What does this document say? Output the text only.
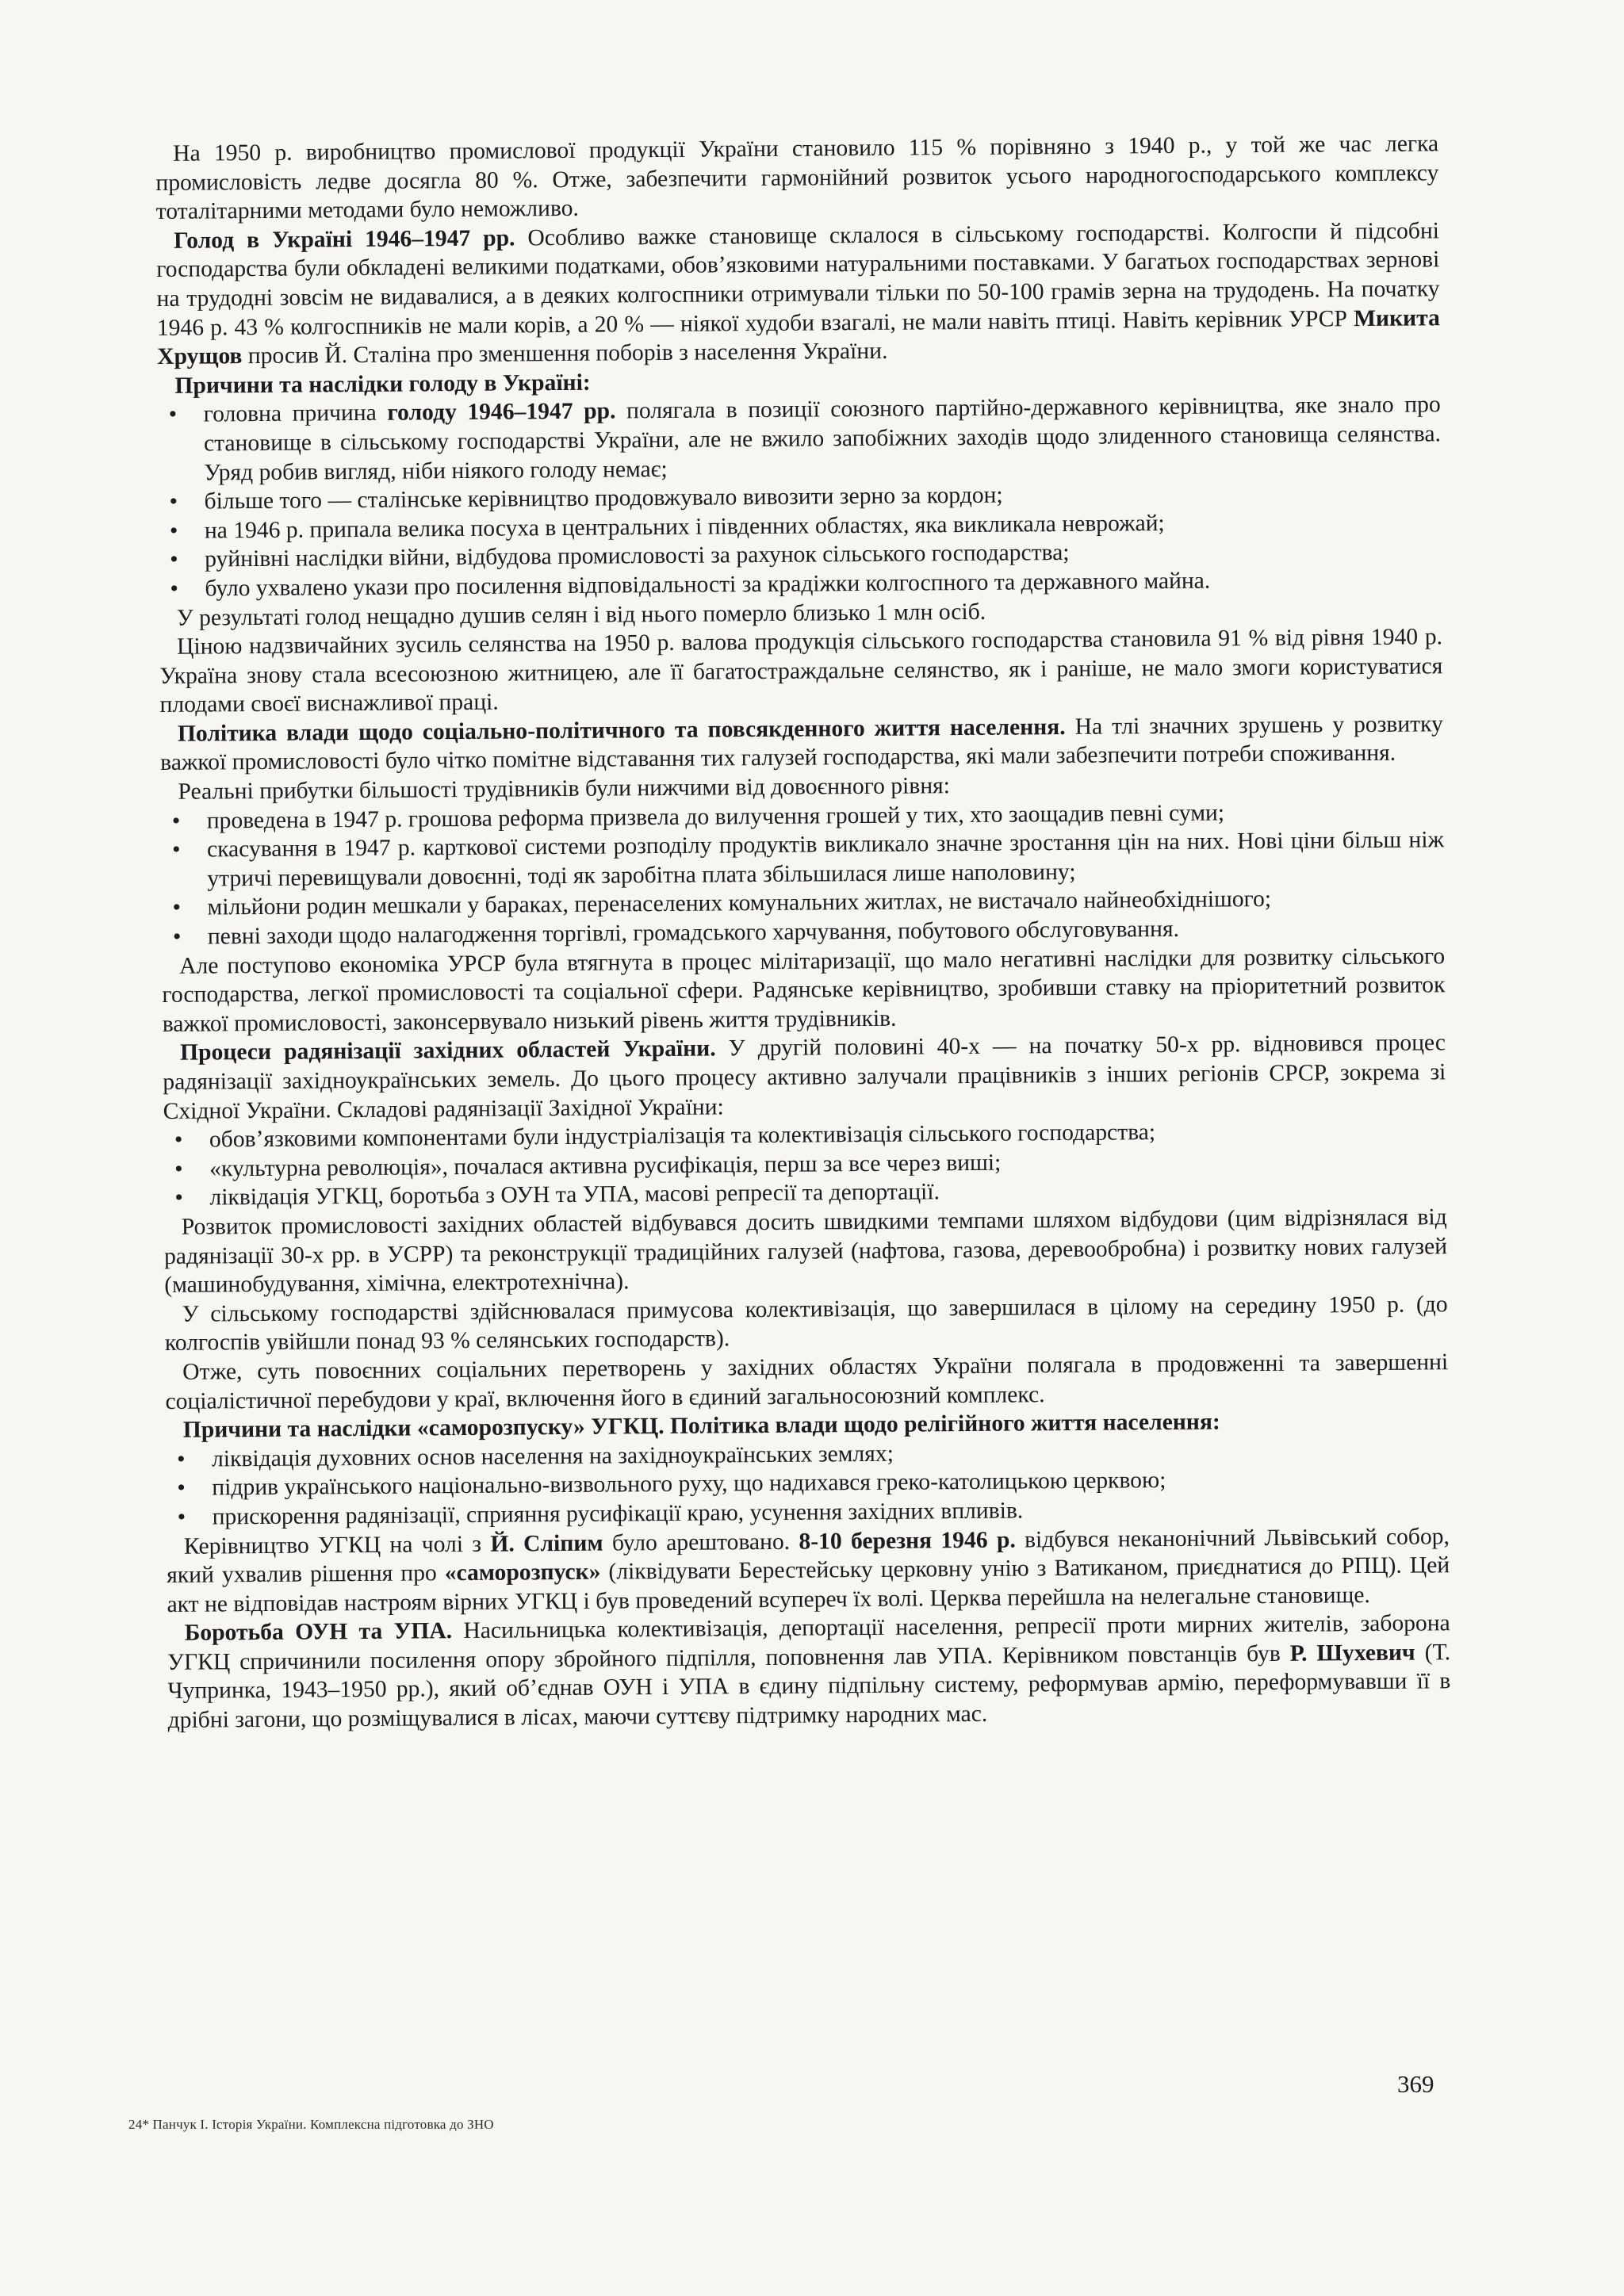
На 1950 р. виробництво промислової продукції України становило 115 % порівняно з 1940 р., у той же час легка промисловість ледве досягла 80 %. Отже, забезпечити гармонійний розвиток усього народногосподарського комплексу тоталітарними методами було неможливо.

Голод в Україні 1946–1947 рр. Особливо важке становище склалося в сільському господарстві. Колгоспи й підсобні господарства були обкладені великими податками, обов’язковими натуральними поставками. У багатьох господарствах зернові на трудодні зовсім не видавалися, а в деяких колгоспники отримували тільки по 50-100 грамів зерна на трудодень. На початку 1946 р. 43 % колгоспників не мали корів, а 20 % — ніякої худоби взагалі, не мали навіть птиці. Навіть керівник УРСР Микита Хрущов просив Й. Сталіна про зменшення поборів з населення України.

Причини та наслідки голоду в Україні:

• головна причина голоду 1946–1947 рр. полягала в позиції союзного партійно-державного керівництва, яке знало про становище в сільському господарстві України, але не вжило запобіжних заходів щодо злиденного становища селянства. Уряд робив вигляд, ніби ніякого голоду немає;
• більше того — сталінське керівництво продовжувало вивозити зерно за кордон;
• на 1946 р. припала велика посуха в центральних і південних областях, яка викликала неврожай;
• руйнівні наслідки війни, відбудова промисловості за рахунок сільського господарства;
• було ухвалено укази про посилення відповідальності за крадіжки колгоспного та державного майна.

У результаті голод нещадно душив селян і від нього померло близько 1 млн осіб.

Ціною надзвичайних зусиль селянства на 1950 р. валова продукція сільського господарства становила 91 % від рівня 1940 р. Україна знову стала всесоюзною житницею, але її багатостраждальне селянство, як і раніше, не мало змоги користуватися плодами своєї виснажливої праці.

Політика влади щодо соціально-політичного та повсякденного життя населення. На тлі значних зрушень у розвитку важкої промисловості було чітко помітне відставання тих галузей господарства, які мали забезпечити потреби споживання.

Реальні прибутки більшості трудівників були нижчими від довоєнного рівня:

• проведена в 1947 р. грошова реформа призвела до вилучення грошей у тих, хто заощадив певні суми;
• скасування в 1947 р. карткової системи розподілу продуктів викликало значне зростання цін на них. Нові ціни більш ніж утричі перевищували довоєнні, тоді як заробітна плата збільшилася лише наполовину;
• мільйони родин мешкали у бараках, перенаселених комунальних житлах, не вистачало найнеобхіднішого;
• певні заходи щодо налагодження торгівлі, громадського харчування, побутового обслуговування.

Але поступово економіка УРСР була втягнута в процес мілітаризації, що мало негативні наслідки для розвитку сільського господарства, легкої промисловості та соціальної сфери. Радянське керівництво, зробивши ставку на пріоритетний розвиток важкої промисловості, законсервувало низький рівень життя трудівників.

Процеси радянізації західних областей України. У другій половині 40-х — на початку 50-х рр. відновився процес радянізації західноукраїнських земель. До цього процесу активно залучали працівників з інших регіонів СРСР, зокрема зі Східної України. Складові радянізації Західної України:

• обов’язковими компонентами були індустріалізація та колективізація сільського господарства;
• «культурна революція», почалася активна русифікація, перш за все через виші;
• ліквідація УГКЦ, боротьба з ОУН та УПА, масові репресії та депортації.

Розвиток промисловості західних областей відбувався досить швидкими темпами шляхом відбудови (цим відрізнялася від радянізації 30-х рр. в УСРР) та реконструкції традиційних галузей (нафтова, газова, деревообробна) і розвитку нових галузей (машинобудування, хімічна, електротехнічна).

У сільському господарстві здійснювалася примусова колективізація, що завершилася в цілому на середину 1950 р. (до колгоспів увійшли понад 93 % селянських господарств).

Отже, суть повоєнних соціальних перетворень у західних областях України полягала в продовженні та завершенні соціалістичної перебудови у краї, включення його в єдиний загальносоюзний комплекс.

Причини та наслідки «саморозпуску» УГКЦ. Політика влади щодо релігійного життя населення:

• ліквідація духовних основ населення на західноукраїнських землях;
• підрив українського національно-визвольного руху, що надихався греко-католицькою церквою;
• прискорення радянізації, сприяння русифікації краю, усунення західних впливів.

Керівництво УГКЦ на чолі з Й. Сліпим було арештовано. 8-10 березня 1946 р. відбувся неканонічний Львівський собор, який ухвалив рішення про «саморозпуск» (ліквідувати Берестейську церковну унію з Ватиканом, приєднатися до РПЦ). Цей акт не відповідав настроям вірних УГКЦ і був проведений всупереч їх волі. Церква перейшла на нелегальне становище.

Боротьба ОУН та УПА. Насильницька колективізація, депортації населення, репресії проти мирних жителів, заборона УГКЦ спричинили посилення опору збройного підпілля, поповнення лав УПА. Керівником повстанців був Р. Шухевич (Т. Чупринка, 1943–1950 рр.), який об’єднав ОУН і УПА в єдину підпільну систему, реформував армію, переформувавши її в дрібні загони, що розміщувалися в лісах, маючи суттєву підтримку народних мас.

369
24* Панчук І. Історія України. Комплексна підготовка до ЗНО
